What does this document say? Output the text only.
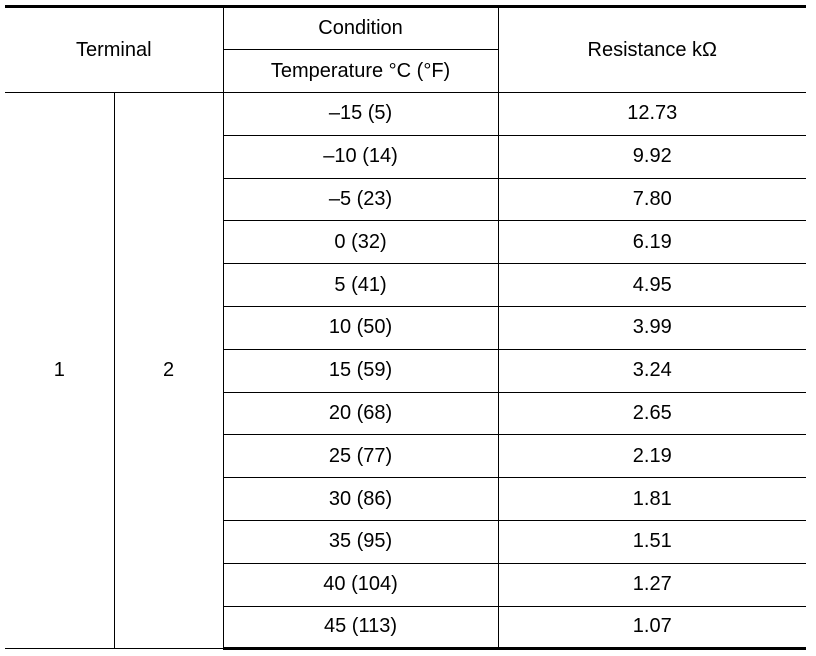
Terminal		Condition	Resistance kΩ
		Temperature °C (°F)	
1	2	–15 (5)	12.73
		–10 (14)	9.92
		–5 (23)	7.80
		0 (32)	6.19
		5 (41)	4.95
		10 (50)	3.99
		15 (59)	3.24
		20 (68)	2.65
		25 (77)	2.19
		30 (86)	1.81
		35 (95)	1.51
		40 (104)	1.27
		45 (113)	1.07
